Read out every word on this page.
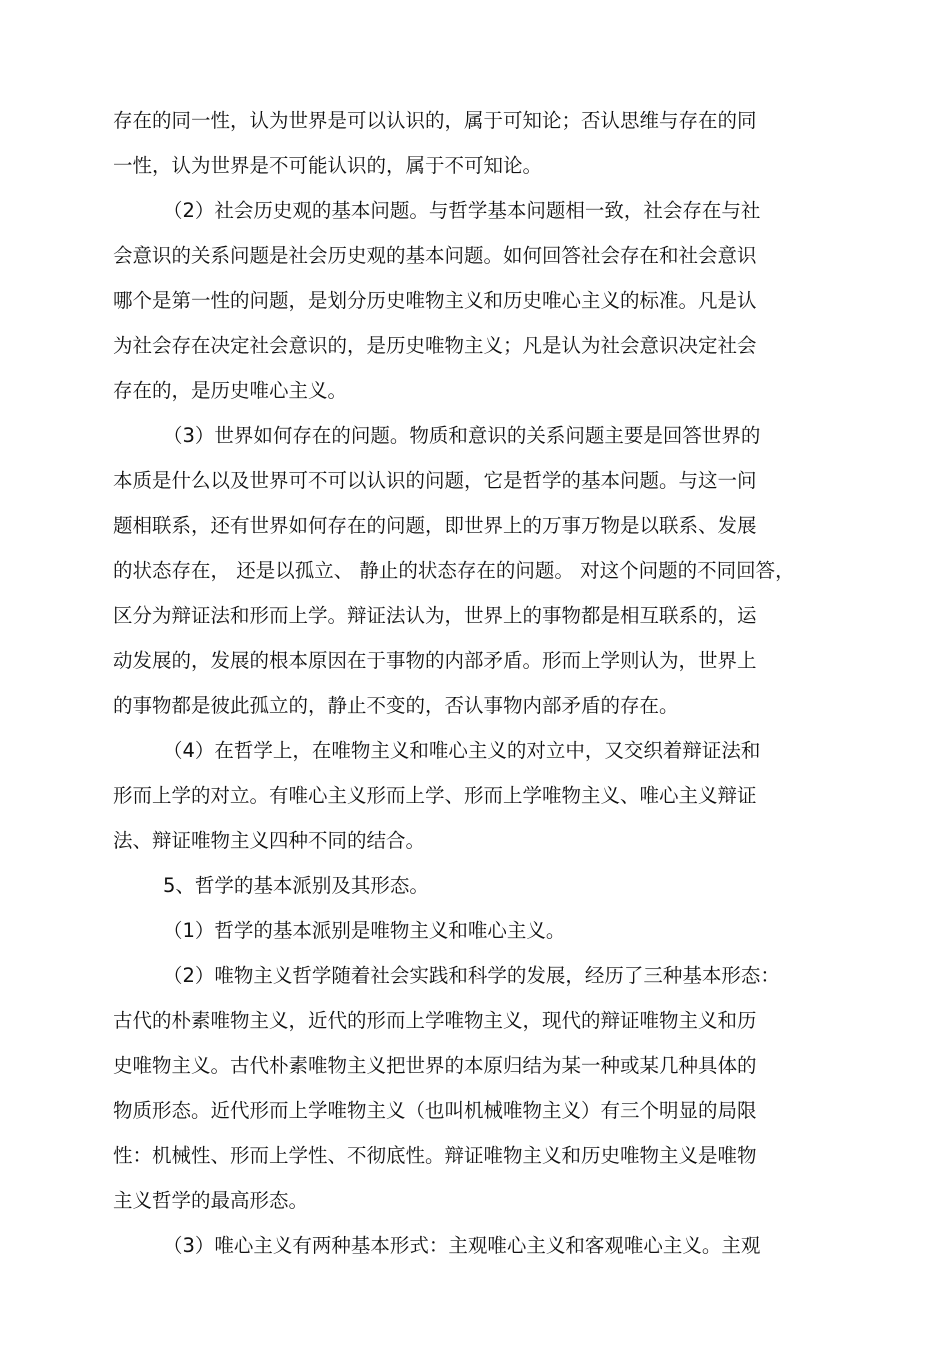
存在的同一性，认为世界是可以认识的，属于可知论；否认思维与存在的同
一性，认为世界是不可能认识的，属于不可知论。
（2）社会历史观的基本问题。与哲学基本问题相一致，社会存在与社
会意识的关系问题是社会历史观的基本问题。如何回答社会存在和社会意识
哪个是第一性的问题，是划分历史唯物主义和历史唯心主义的标准。凡是认
为社会存在决定社会意识的，是历史唯物主义；凡是认为社会意识决定社会
存在的，是历史唯心主义。
（3）世界如何存在的问题。物质和意识的关系问题主要是回答世界的
本质是什么以及世界可不可以认识的问题，它是哲学的基本问题。与这一问
题相联系，还有世界如何存在的问题，即世界上的万事万物是以联系、发展
的状态存在， 还是以孤立、 静止的状态存在的问题。 对这个问题的不同回答，
区分为辩证法和形而上学。辩证法认为，世界上的事物都是相互联系的，运
动发展的，发展的根本原因在于事物的内部矛盾。形而上学则认为，世界上
的事物都是彼此孤立的，静止不变的，否认事物内部矛盾的存在。
（4）在哲学上，在唯物主义和唯心主义的对立中，又交织着辩证法和
形而上学的对立。有唯心主义形而上学、形而上学唯物主义、唯心主义辩证
法、辩证唯物主义四种不同的结合。
5、哲学的基本派别及其形态。
（1）哲学的基本派别是唯物主义和唯心主义。
（2）唯物主义哲学随着社会实践和科学的发展，经历了三种基本形态：
古代的朴素唯物主义，近代的形而上学唯物主义，现代的辩证唯物主义和历
史唯物主义。古代朴素唯物主义把世界的本原归结为某一种或某几种具体的
物质形态。近代形而上学唯物主义（也叫机械唯物主义）有三个明显的局限
性：机械性、形而上学性、不彻底性。辩证唯物主义和历史唯物主义是唯物
主义哲学的最高形态。
（3）唯心主义有两种基本形式：主观唯心主义和客观唯心主义。主观
